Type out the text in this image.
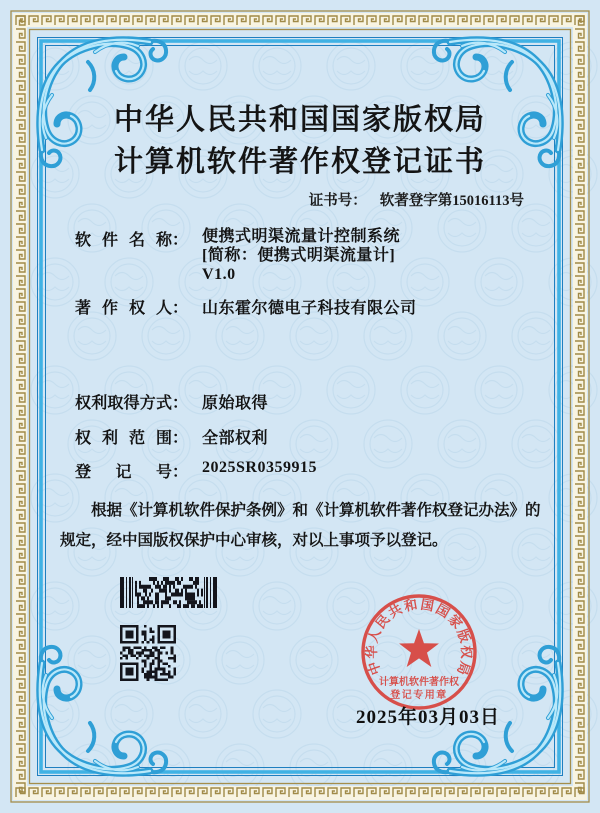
中华人民共和国国家版权局
计算机软件著作权登记证书
证书号： 软著登字第15016113号
软件名称 ： 便携式明渠流量计控制系统
[简称：便携式明渠流量计]
V1.0
著作权人 ： 山东霍尔德电子科技有限公司
权利取得方式 ： 原始取得
权利范围 ： 全部权利
登记号 ： 2025SR0359915
根据《计算机软件保护条例》和《计算机软件著作权登记办法》的规定，经中国版权保护中心审核，对以上事项予以登记。
中
华
人
民
共
和 国
国
家
版
权
局
计算机软件著作权
登记专用章
2025年03月03日
